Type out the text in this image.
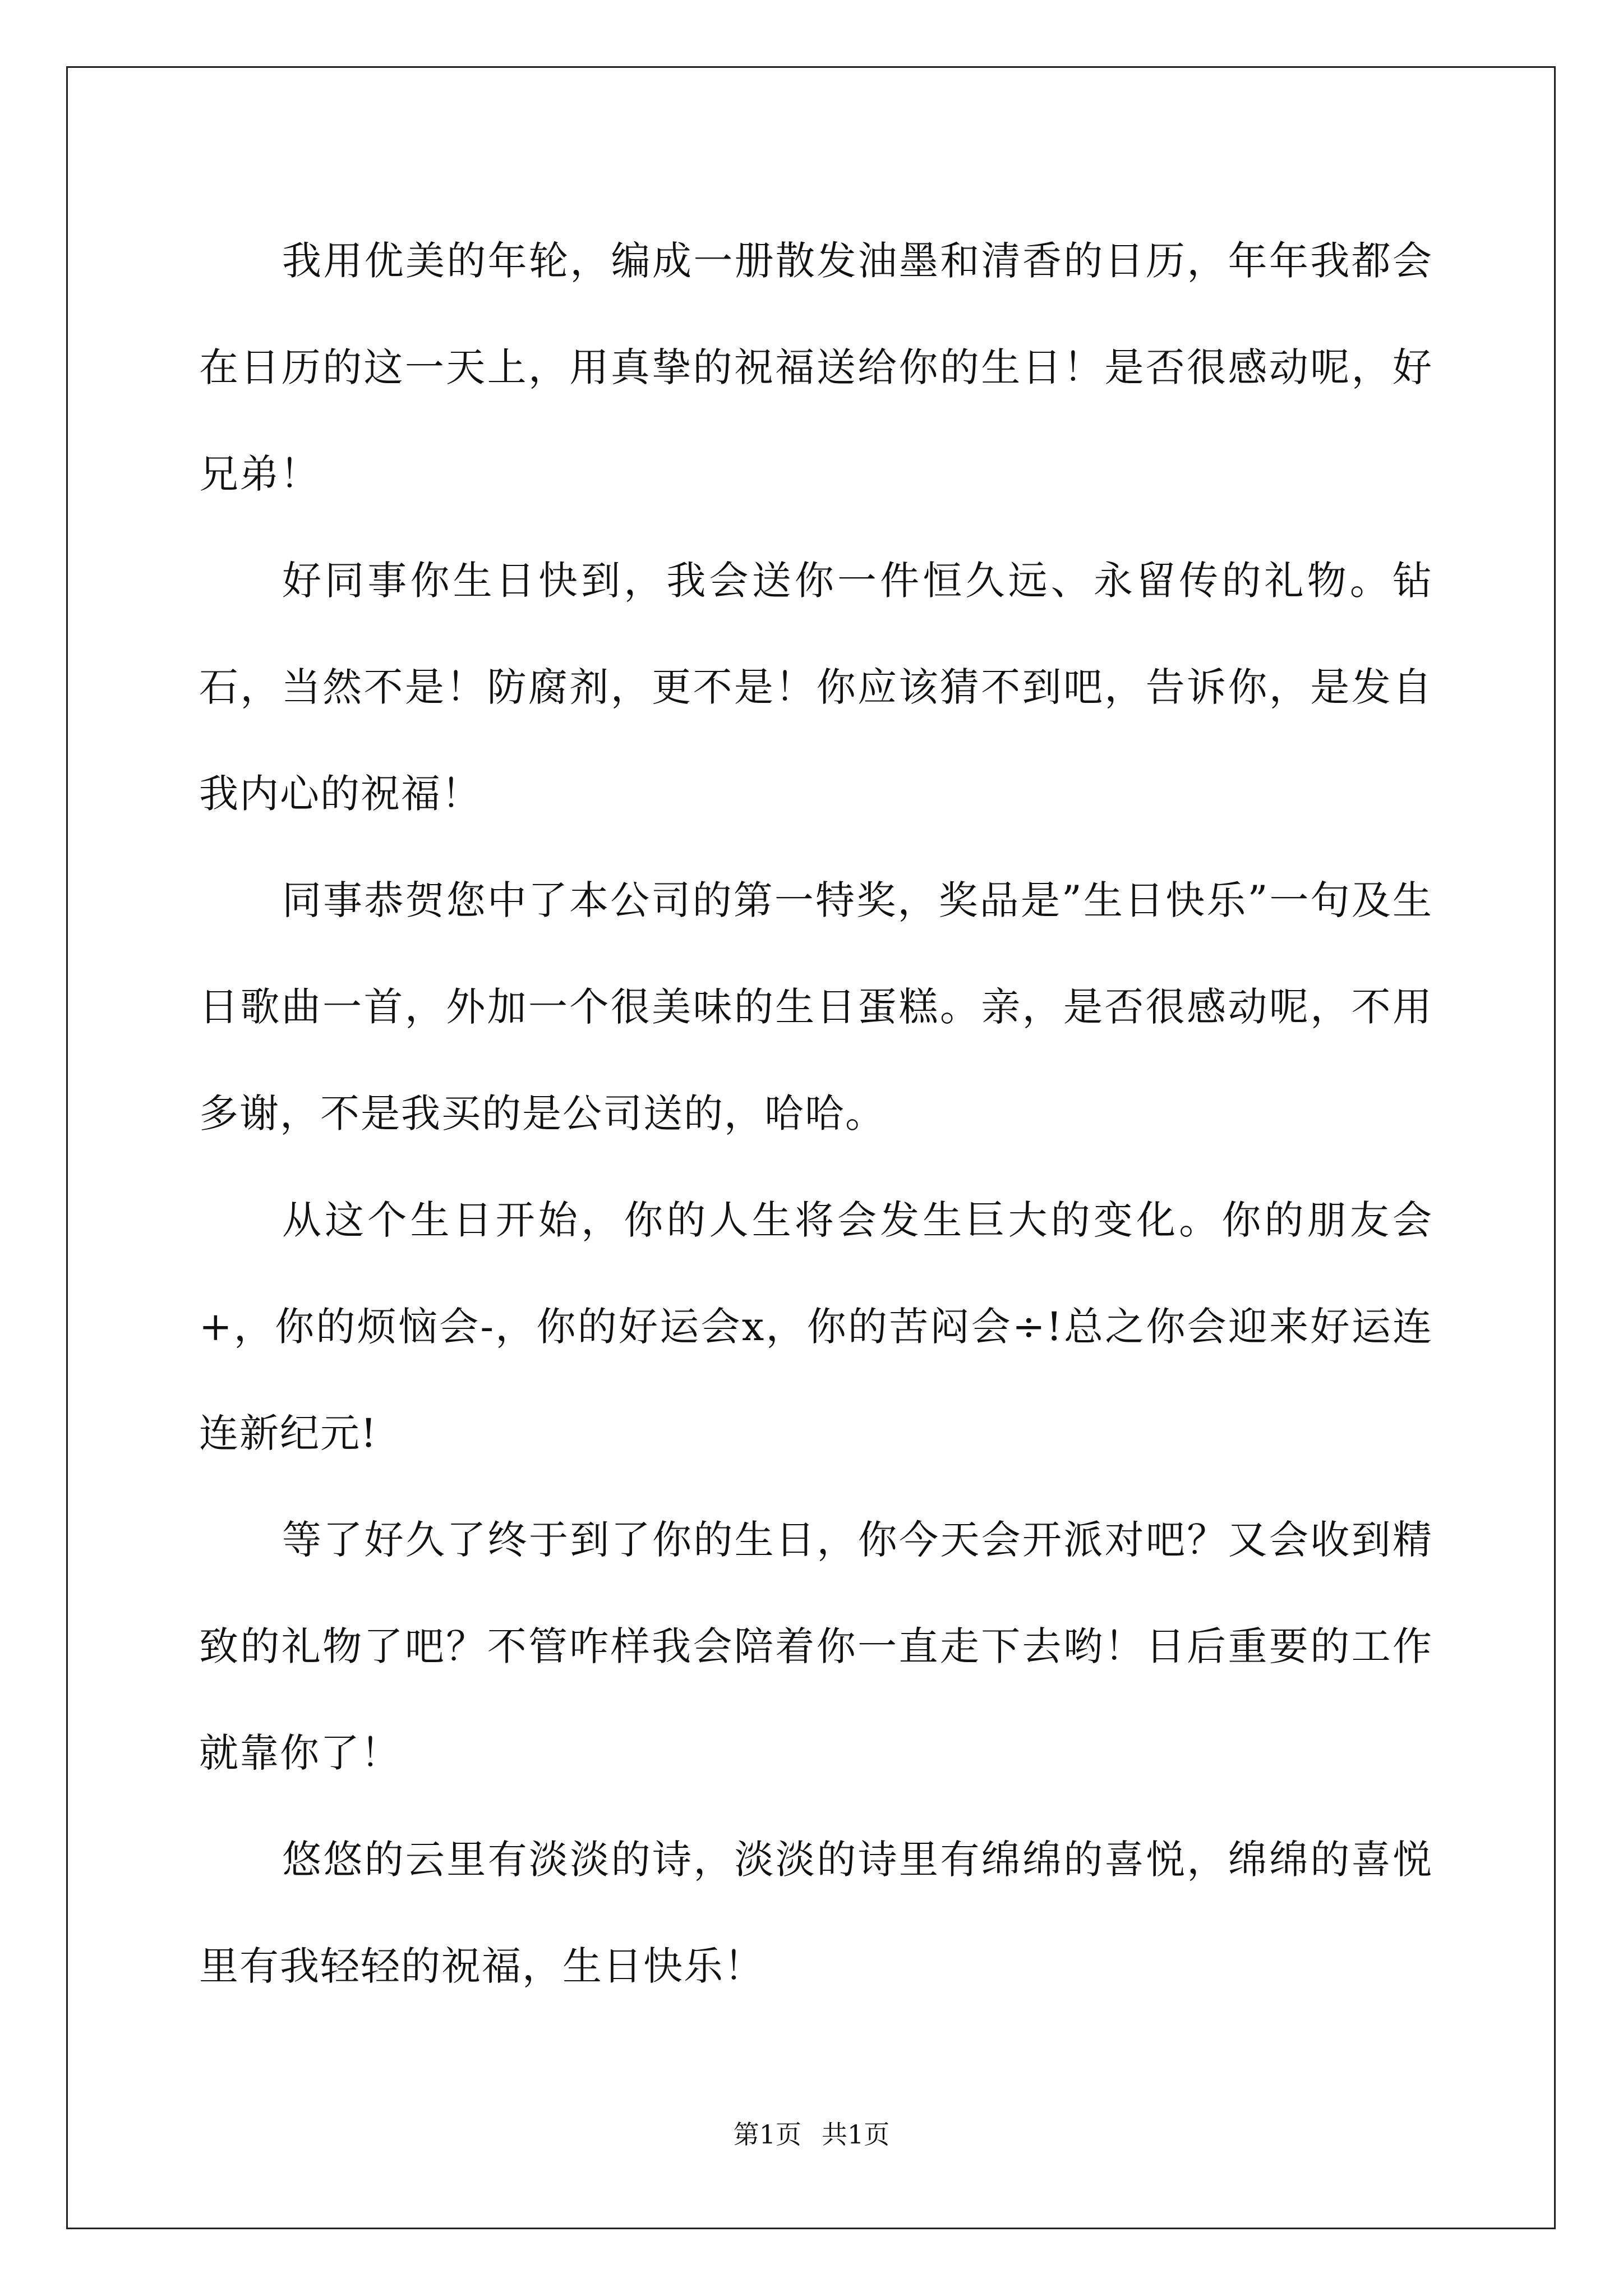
我用优美的年轮，编成一册散发油墨和清香的日历，年年我都会在日历的这一天上，用真挚的祝福送给你的生日！是否很感动呢，好兄弟！

好同事你生日快到，我会送你一件恒久远、永留传的礼物。钻石，当然不是！防腐剂，更不是！你应该猜不到吧，告诉你，是发自我内心的祝福！

同事恭贺您中了本公司的第一特奖，奖品是”生日快乐”一句及生日歌曲一首，外加一个很美味的生日蛋糕。亲，是否很感动呢，不用多谢，不是我买的是公司送的，哈哈。

从这个生日开始，你的人生将会发生巨大的变化。你的朋友会+，你的烦恼会-，你的好运会x，你的苦闷会÷!总之你会迎来好运连连新纪元!

等了好久了终于到了你的生日，你今天会开派对吧？又会收到精致的礼物了吧？不管咋样我会陪着你一直走下去哟！日后重要的工作就靠你了！

悠悠的云里有淡淡的诗，淡淡的诗里有绵绵的喜悦，绵绵的喜悦里有我轻轻的祝福，生日快乐！

第1页 共1页
